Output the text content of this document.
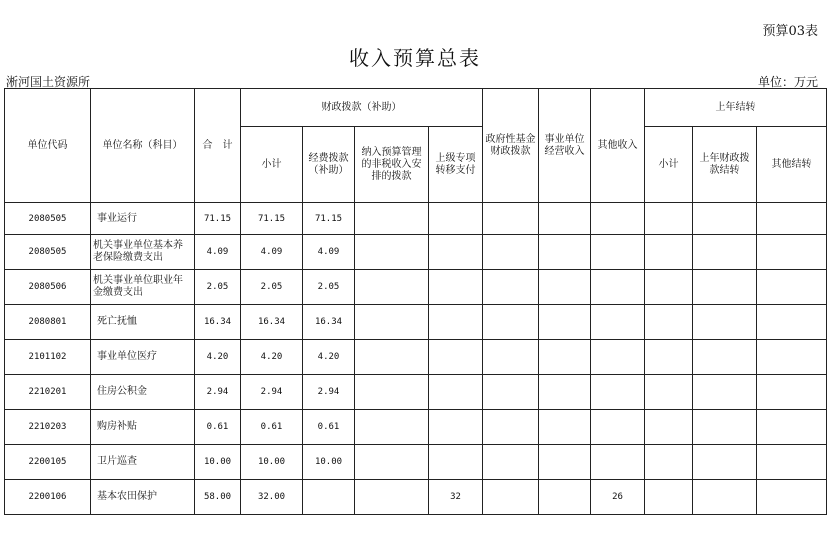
预算03表
收入预算总表
淅河国土资源所	单位：万元
单位代码	单位名称（科目）	合　计	财政拨款（补助）				政府性基金财政拨款	事业单位经营收入	其他收入	上年结转		
			小计	经费拨款（补助）	纳入预算管理的非税收入安排的拨款	上级专项转移支付				小计	上年财政拨款结转	其他结转
2080505	事业运行	71.15	71.15	71.15								
2080505	机关事业单位基本养老保险缴费支出	4.09	4.09	4.09								
2080506	机关事业单位职业年金缴费支出	2.05	2.05	2.05								
2080801	死亡抚恤	16.34	16.34	16.34								
2101102	事业单位医疗	4.20	4.20	4.20								
2210201	住房公积金	2.94	2.94	2.94								
2210203	购房补贴	0.61	0.61	0.61								
2200105	卫片巡查	10.00	10.00	10.00								
2200106	基本农田保护	58.00	32.00			32			26			
